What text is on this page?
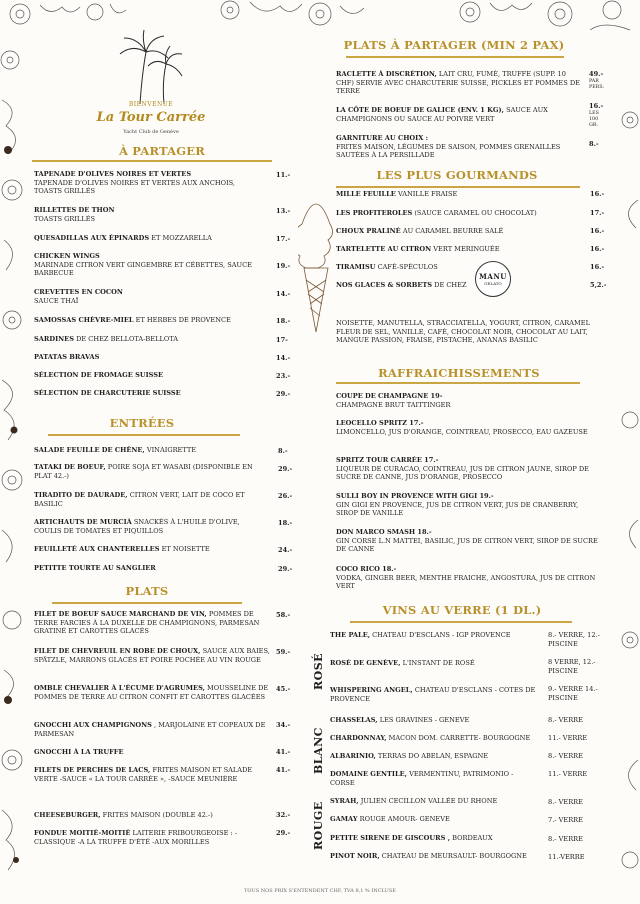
BIENVENUE
La Tour Carrée
Yacht Club de Genève
À PARTAGER
TAPENADE D'OLIVES NOIRES ET VERTES
TAPENADE D'OLIVES NOIRES ET VERTES AUX ANCHOIS, TOASTS GRILLÉS
11.-
RILLETTES DE THON
TOASTS GRILLÉS
13.-
QUESADILLAS AUX ÉPINARDS ET MOZZARELLA	17.-
CHICKEN WINGS
MARINADE CITRON VERT GINGEMBRE ET CÉBETTES, SAUCE BARBECUE
19.-
CREVETTES EN COCON
SAUCE THAÏ
14.-
SAMOSSAS CHÈVRE-MIEL ET HERBES DE PROVENCE	18.-
SARDINES DE CHEZ BELLOTA-BELLOTA	17-
PATATAS BRAVAS	14.-
SÉLECTION DE FROMAGE SUISSE	23.-
SÉLECTION DE CHARCUTERIE SUISSE	29.-
ENTRÉES
SALADE FEUILLE DE CHÊNE, VINAIGRETTE	8.-
TATAKI DE BOEUF, POIRE SOJA ET WASABI (DISPONIBLE EN PLAT 42.-)
29.-
TIRADITO DE DAURADE, CITRON VERT, LAIT DE COCO ET BASILIC
26.-
ARTICHAUTS DE MURCIÀ SNACKÉS À L'HUILE D'OLIVE, COULIS DE TOMATES ET PIQUILLOS
18.-
FEUILLETÉ AUX CHANTERELLES ET NOISETTE	24.-
PETITTE TOURTE AU SANGLIER	29.-
PLATS
FILET DE BOEUF SAUCE MARCHAND DE VIN, POMMES DE TERRE FARCIES À LA DUXELLE DE CHAMPIGNONS, PARMESAN GRATINÉ ET CAROTTES GLACÉS
58.-
FILET DE CHEVREUIL EN ROBE DE CHOUX, SAUCE AUX BAIES, SPÄTZLE, MARRONS GLACÉS ET POIRE POCHÉE AU VIN ROUGE
59.-
OMBLE CHEVALIER À L'ÉCUME D'AGRUMES, MOUSSELINE DE POMMES DE TERRE AU CITRON CONFIT ET CAROTTES GLACÉES
45.-
GNOCCHI AUX CHAMPIGNONS , MARJOLAINE ET COPEAUX DE PARMESAN
34.-
GNOCCHI À LA TRUFFE	41.-
FILETS DE PERCHES DE LACS, FRITES MAISON ET SALADE VERTE -SAUCE « LA TOUR CARRÉE », -SAUCE MEUNIÈRE
41.-
CHEESEBURGER, FRITES MAISON (DOUBLE 42.-)	32.-
FONDUE MOITIÉ-MOITIÉ LAITERIE FRIBOURGEOISE : -CLASSIQUE -A LA TRUFFE D'ÉTÉ -AUX MORILLES
29.-
PLATS À PARTAGER (MIN 2 PAX)
RACLETTE À DISCRÉTION, LAIT CRU, FUMÉ, TRUFFE (SUPP. 10 CHF) SERVIE AVEC CHARCUTERIE SUISSE, PICKLES ET POMMES DE TERRE
49.-
PAR PERS.
LA CÔTE DE BOEUF DE GALICE (ENV. 1 KG), SAUCE AUX CHAMPIGNONS OU SAUCE AU POIVRE VERT
16.-
LES 100 GR.
GARNITURE AU CHOIX :
FRITES MAISON, LÉGUMES DE SAISON, POMMES GRENAILLES SAUTÉES À LA PERSILLADE
8.-
LES PLUS GOURMANDS
MILLE FEUILLE VANILLE FRAISE	16.-
LES PROFITEROLES (SAUCE CARAMEL OU CHOCOLAT)	17.-
CHOUX PRALINÉ AU CARAMEL BEURRE SALÉ	16.-
TARTELETTE AU CITRON VERT MERINGUÉE	16.-
TIRAMISU CAFÉ-SPÉCULOS	16.-
NOS GLACES & SORBETS DE CHEZ	5,2.-
MANU
GELATO
NOISETTE, MANUTELLA, STRACCIATELLA, YOGURT, CITRON, CARAMEL FLEUR DE SEL, VANILLE, CAFÉ, CHOCOLAT NOIR, CHOCOLAT AU LAIT, MANGUE PASSION, FRAISE, PISTACHE, ANANAS BASILIC
RAFFRAICHISSEMENTS
COUPE DE CHAMPAGNE 19-
CHAMPAGNE BRUT TAITTINGER
LEOCELLO SPRITZ 17.-
LIMONCELLO, JUS D'ORANGE, COINTREAU, PROSECCO, EAU GAZEUSE
SPRITZ TOUR CARRÉE 17.-
LIQUEUR DE CURACAO, COINTREAU, JUS DE CITRON JAUNE, SIROP DE SUCRE DE CANNE, JUS D'ORANGE, PROSECCO
SULLI BOY IN PROVENCE WITH GIGI 19.-
GIN GIGI EN PROVENCE, JUS DE CITRON VERT, JUS DE CRANBERRY, SIROP DE VANILLE
DON MARCO SMASH 18.-
GIN CORSE L.N MATTEI, BASILIC, JUS DE CITRON VERT, SIROP DE SUCRE DE CANNE
COCO RICO 18.-
VODKA, GINGER BEER, MENTHE FRAICHE, ANGOSTURA, JUS DE CITRON VERT
VINS AU VERRE (1 DL.)
ROSÉ
BLANC
ROUGE
THE PALE, CHATEAU D'ESCLANS - IGP PROVENCE	8.- VERRE, 12.- PISCINE
ROSÉ DE GENÈVE, L'INSTANT DE ROSÉ	8 VERRE, 12.- PISCINE
WHISPERING ANGEL, CHATEAU D'ESCLANS - COTES DE PROVENCE
9.- VERRE 14.- PISCINE
CHASSELAS, LES GRAVINES - GENEVE	8.- VERRE
CHARDONNAY, MACON DOM. CARRETTE- BOURGOGNE	11.- VERRE
ALBARINIO, TERRAS DO ABELAN, ESPAGNE	8.- VERRE
DOMAINE GENTILE, VERMENTINU, PATRIMONIO - CORSE
11.- VERRE
SYRAH, JULIEN CECILLON VALLÉE DU RHONE	8.- VERRE
GAMAY ROUGE AMOUR- GENEVE	7.- VERRE
PETITE SIRENE DE GISCOURS , BORDEAUX	8.- VERRE
PINOT NOIR, CHATEAU DE MEURSAULT- BOURGOGNE	11.-VERRE
TOUS NOS PRIX S'ENTENDENT CHF, TVA 8,1 % INCLUSE
